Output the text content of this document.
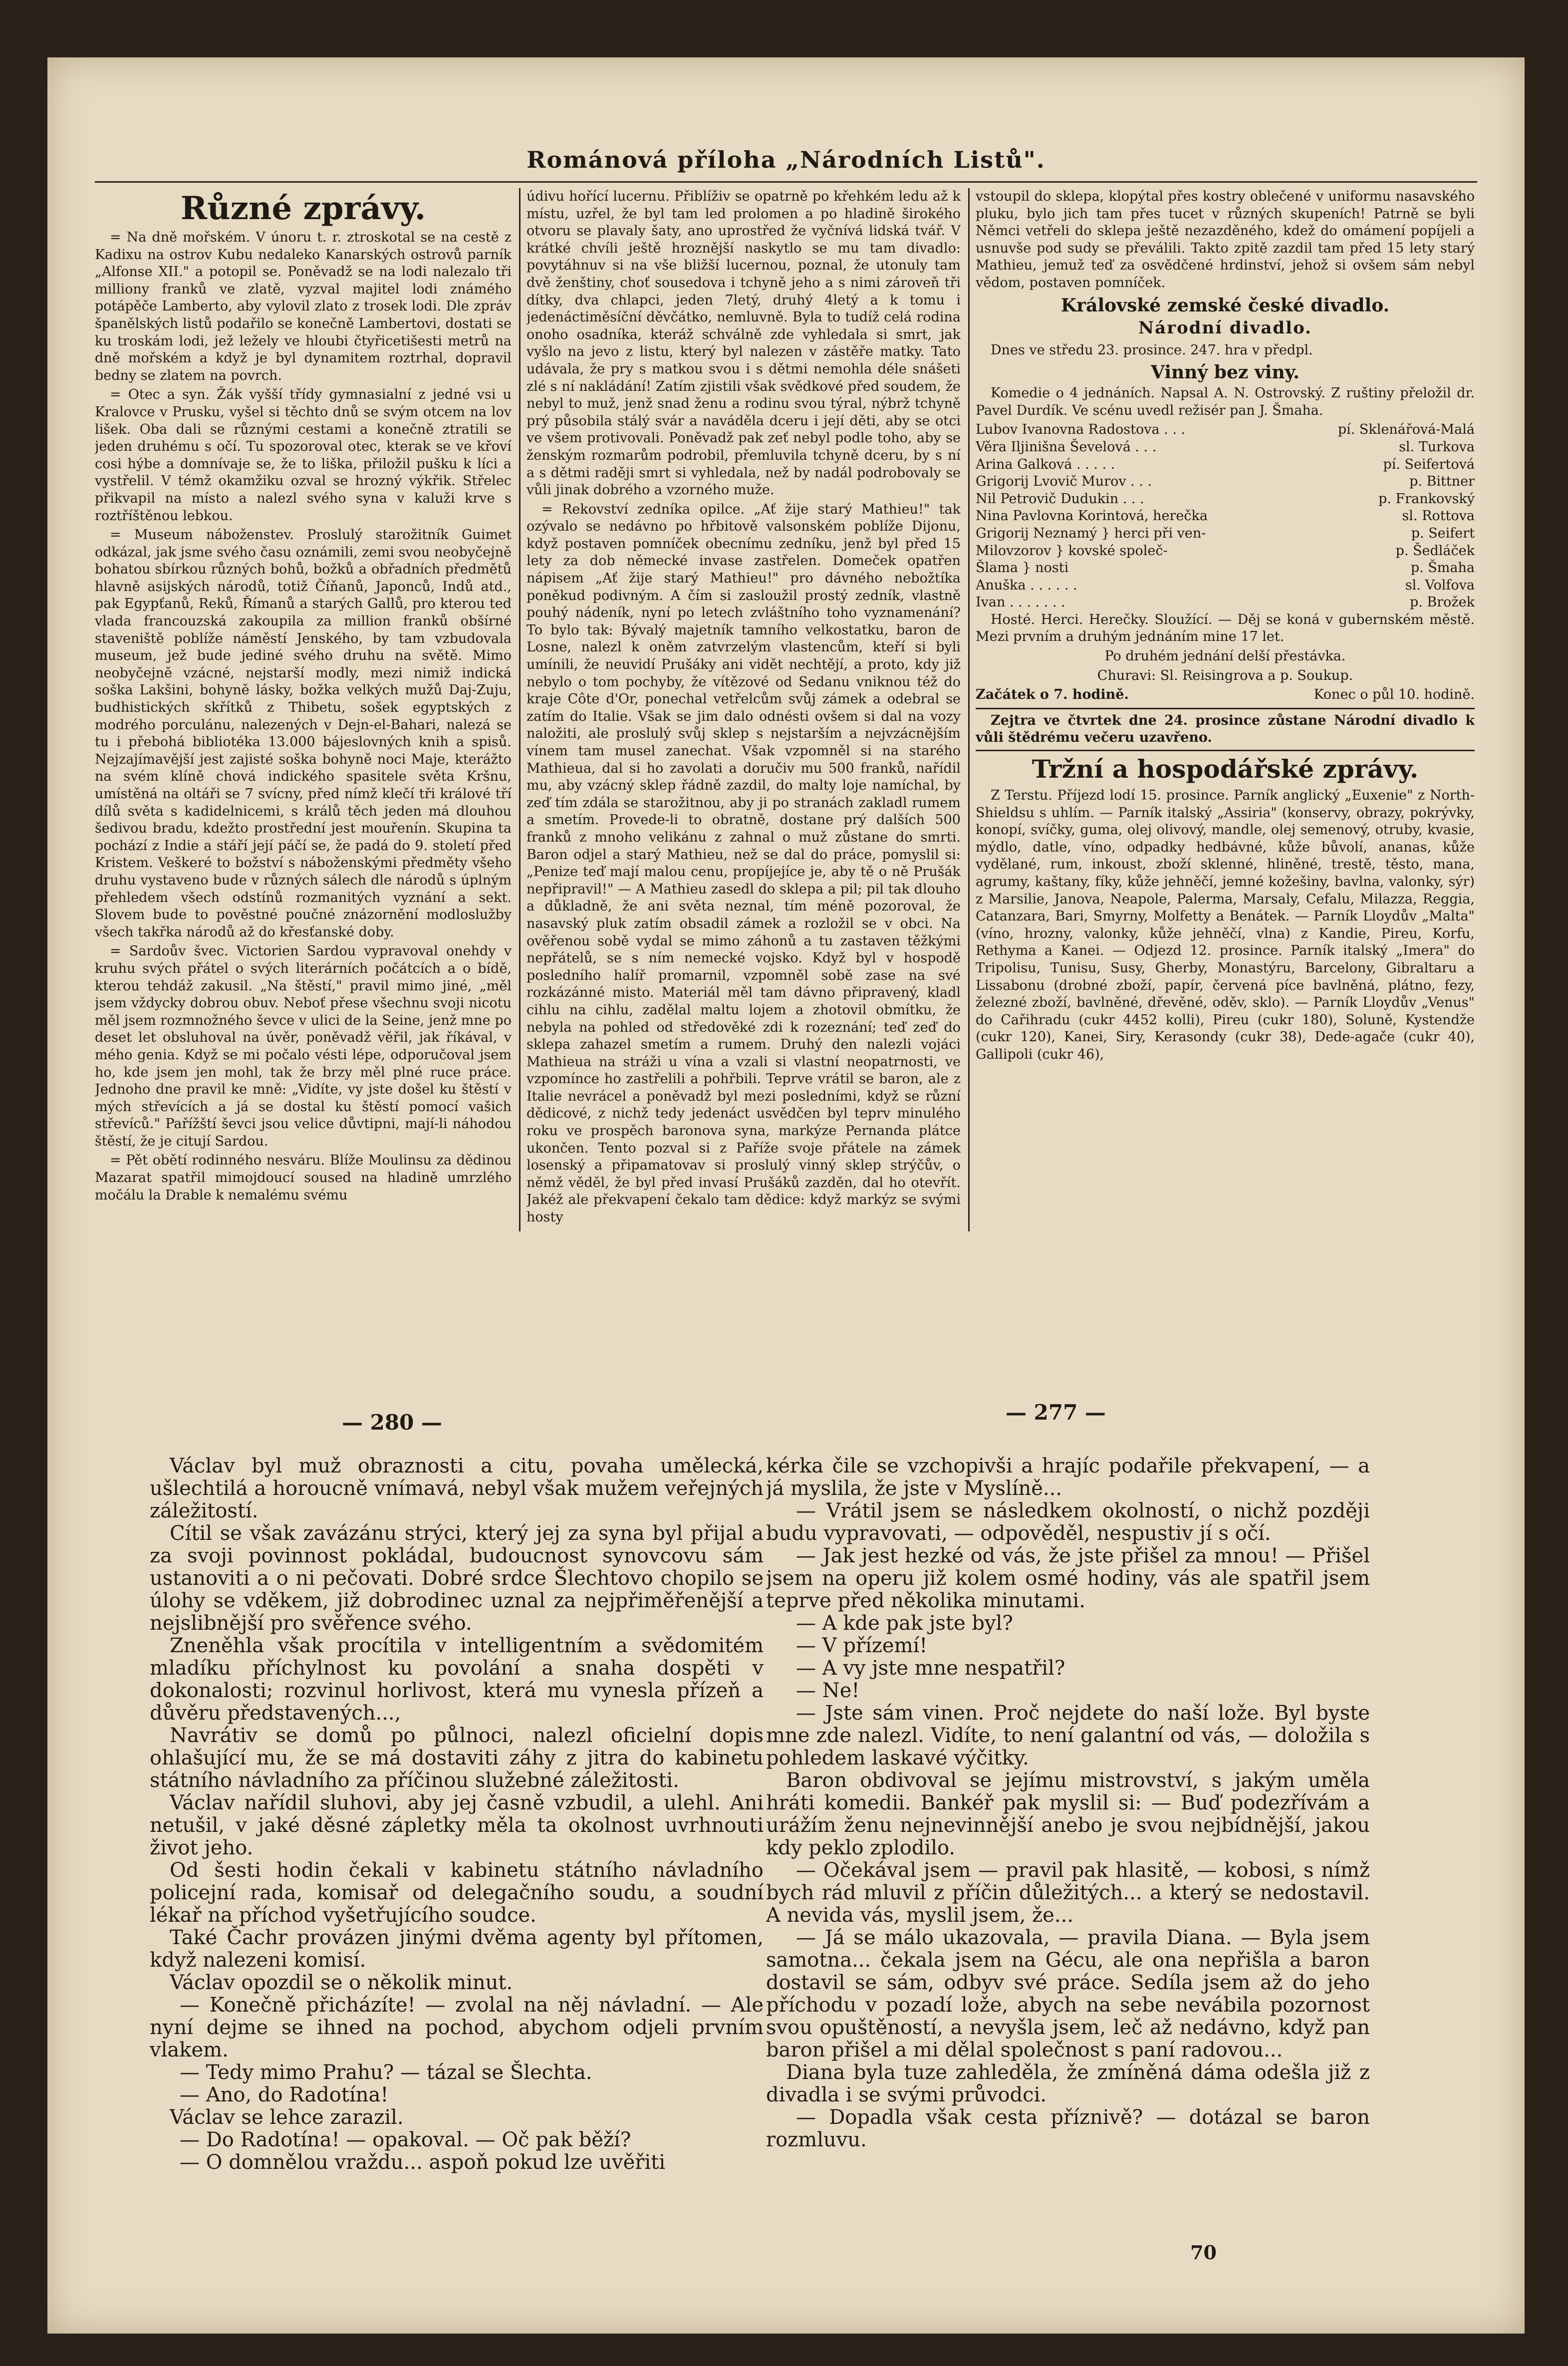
Románová příloha „Národních Listů".
Různé zprávy.

= Na dně mořském. V únoru t. r. ztroskotal se na cestě z Kadixu na ostrov Kubu nedaleko Kanarských ostrovů parník „Alfonse XII." a potopil se. Poněvadž se na lodi nalezalo tři milliony franků ve zlatě, vyzval majitel lodi známého potápěče Lamberto, aby vylovil zlato z trosek lodi. Dle zpráv španělských listů podařilo se konečně Lambertovi, dostati se ku troskám lodi, jež ležely ve hloubi čtyřicetišesti metrů na dně mořském a když je byl dynamitem roztrhal, dopravil bedny se zlatem na povrch.

= Otec a syn. Žák vyšší třídy gymnasialní z jedné vsi u Kralovce v Prusku, vyšel si těchto dnů se svým otcem na lov lišek. Oba dali se různými cestami a konečně ztratili se jeden druhému s očí. Tu spozoroval otec, kterak se ve křoví cosi hýbe a domnívaje se, že to liška, přiložil pušku k líci a vystřelil. V témž okamžiku ozval se hrozný výkřik. Střelec přikvapil na místo a nalezl svého syna v kaluži krve s roztříštěnou lebkou.

= Museum náboženstev. Proslulý starožitník Guimet odkázal, jak jsme svého času oznámili, zemi svou neobyčejně bohatou sbírkou různých bohů, božků a obřadních předmětů hlavně asijských národů, totiž Číňanů, Japonců, Indů atd., pak Egypťanů, Reků, Římanů a starých Gallů, pro kterou teď vlada francouzská zakoupila za million franků obšírné staveniště poblíže náměstí Jenského, by tam vzbudovala museum, jež bude jediné svého druhu na světě. Mimo neobyčejně vzácné, nejstarší modly, mezi nimiž indická soška Lakšini, bohyně lásky, božka velkých mužů Daj-Zuju, budhistických skřítků z Thibetu, sošek egyptských z modrého porculánu, nalezených v Dejn-el-Bahari, nalezá se tu i přebohá bibliotéka 13.000 bájeslovných knih a spisů. Nejzajímavější jest zajisté soška bohyně noci Maje, kterážto na svém klíně chová indického spasitele světa Kršnu, umístěná na oltáři se 7 svícny, před nímž klečí tři králové tří dílů světa s kadidelnicemi, s králů těch jeden má dlouhou šedivou bradu, kdežto prostřední jest mouřenín. Skupina ta pochází z Indie a stáří její páčí se, že padá do 9. století před Kristem. Veškeré to božství s náboženskými předměty všeho druhu vystaveno bude v různých sálech dle národů s úplným přehledem všech odstínů rozmanitých vyznání a sekt. Slovem bude to pověstné poučné znázornění modloslužby všech takřka národů až do křesťanské doby.

= Sardoův švec. Victorien Sardou vypravoval onehdy v kruhu svých přátel o svých literárních počátcích a o bídě, kterou tehdáž zakusil. „Na štěstí," pravil mimo jiné, „měl jsem vždycky dobrou obuv. Neboť přese všechnu svoji nicotu měl jsem rozmnožného ševce v ulici de la Seine, jenž mne po deset let obsluhoval na úvěr, poněvadž věřil, jak říkával, v mého genia. Když se mi počalo vésti lépe, odporučoval jsem ho, kde jsem jen mohl, tak že brzy měl plné ruce práce. Jednoho dne pravil ke mně: „Vidíte, vy jste došel ku štěstí v mých střevících a já se dostal ku štěstí pomocí vašich střevíců." Pařížští ševci jsou velice důvtipni, mají-li náhodou štěstí, že je citují Sardou.

= Pět obětí rodinného nesváru. Blíže Moulinsu za dědinou Mazarat spatřil mimojdoucí soused na hladině umrzlého močálu la Drable k nemalému svému

údivu hořící lucernu. Přiblíživ se opatrně po křehkém ledu až k místu, uzřel, že byl tam led prolomen a po hladině širokého otvoru se plavaly šaty, ano uprostřed že vyčnívá lidská tvář. V krátké chvíli ještě hroznější naskytlo se mu tam divadlo: povytáhnuv si na vše bližší lucernou, poznal, že utonuly tam dvě ženštiny, choť sousedova i tchyně jeho a s nimi zároveň tři dítky, dva chlapci, jeden 7letý, druhý 4letý a k tomu i jedenáctiměsíční děvčátko, nemluvně. Byla to tudíž celá rodina onoho osadníka, kteráž schválně zde vyhledala si smrt, jak vyšlo na jevo z listu, který byl nalezen v zástěře matky. Tato udávala, že pry s matkou svou i s dětmi nemohla déle snášeti zlé s ní nakládání! Zatím zjistili však svědkové před soudem, že nebyl to muž, jenž snad ženu a rodinu svou týral, nýbrž tchyně prý působila stálý svár a naváděla dceru i její děti, aby se otci ve všem protivovali. Poněvadž pak zeť nebyl podle toho, aby se ženským rozmarům podrobil, přemluvila tchyně dceru, by s ní a s dětmi raději smrt si vyhledala, než by nadál podrobovaly se vůli jinak dobrého a vzorného muže.

= Rekovství zedníka opilce. „Ať žije starý Mathieu!" tak ozývalo se nedávno po hřbitově valsonském poblíže Dijonu, když postaven pomníček obecnímu zedníku, jenž byl před 15 lety za dob německé invase zastřelen. Domeček opatřen nápisem „Ať žije starý Mathieu!" pro dávného nebožtíka poněkud podivným. A čím si zasloužil prostý zedník, vlastně pouhý nádeník, nyní po letech zvláštního toho vyznamenání? To bylo tak: Bývalý majetník tamního velkostatku, baron de Losne, nalezl k oněm zatvrzelým vlastencům, kteří si byli umínili, že neuvidí Prušáky ani vidět nechtějí, a proto, kdy již nebylo o tom pochyby, že vítězové od Sedanu vniknou též do kraje Côte d'Or, ponechal vetřelcům svůj zámek a odebral se zatím do Italie. Však se jim dalo odnésti ovšem si dal na vozy naložiti, ale proslulý svůj sklep s nejstarším a nejvzácnějším vínem tam musel zanechat. Však vzpomněl si na starého Mathieua, dal si ho zavolati a doručiv mu 500 franků, nařídil mu, aby vzácný sklep řádně zazdil, do malty loje namíchal, by zeď tím zdála se starožitnou, aby ji po stranách zakladl rumem a smetím. Provede-li to obratně, dostane prý dalších 500 franků z mnoho velikánu z zahnal o muž zůstane do smrti. Baron odjel a starý Mathieu, než se dal do práce, pomyslil si: „Penize teď mají malou cenu, propíjejíce je, aby tě o ně Prušák nepřipravil!" — A Mathieu zasedl do sklepa a pil; pil tak dlouho a důkladně, že ani světa neznal, tím méně pozoroval, že nasavský pluk zatím obsadil zámek a rozložil se v obci. Na ověřenou sobě vydal se mimo záhonů a tu zastaven těžkými nepřátelů, se s ním nemecké vojsko. Když byl v hospodě posledního halíř promarnil, vzpomněl sobě zase na své rozkázánné misto. Materiál měl tam dávno připravený, kladl cihlu na cihlu, zadělal maltu lojem a zhotovil obmítku, že nebyla na pohled od středověké zdi k rozeznání; teď zeď do sklepa zahazel smetím a rumem. Druhý den nalezli vojáci Mathieua na stráži u vína a vzali si vlastní neopatrnosti, ve vzpomínce ho zastřelili a pohřbili. Teprve vrátil se baron, ale z Italie nevrácel a poněvadž byl mezi posledními, když se různí dědicové, z nichž tedy jedenáct usvědčen byl teprv minulého roku ve prospěch baronova syna, markýze Pernanda plátce ukončen. Tento pozval si z Paříže svoje přátele na zámek losenský a připamatovav si proslulý vinný sklep strýčův, o němž věděl, že byl před invasí Prušáků zazděn, dal ho otevřít. Jakéž ale překvapení čekalo tam dědice: když markýz se svými hosty

vstoupil do sklepa, klopýtal přes kostry oblečené v uniformu nasavského pluku, bylo jich tam přes tucet v různých skupeních! Patrně se byli Němci vetřeli do sklepa ještě nezazděného, kdež do omámení popíjeli a usnuvše pod sudy se převálili. Takto zpitě zazdil tam před 15 lety starý Mathieu, jemuž teď za osvědčené hrdinství, jehož si ovšem sám nebyl vědom, postaven pomníček.

Královské zemské české divadlo.
Národní divadlo.

Dnes ve středu 23. prosince. 247. hra v předpl.

Vinný bez viny.

Komedie o 4 jednáních. Napsal A. N. Ostrovský. Z ruštiny přeložil dr. Pavel Durdík. Ve scénu uvedl režisér pan J. Šmaha.

Lubov Ivanovna Radostova . . .	pí. Sklenářová-Malá
Věra Iljinišna Ševelová . . .	sl. Turkova
Arina Galková . . . . .	pí. Seifertová
Grigorij Lvovič Murov . . .	p. Bittner
Nil Petrovič Dudukin . . .	p. Frankovský
Nina Pavlovna Korintová, herečka	sl. Rottova
Grigorij Neznamý } herci při ven-	p. Seifert
Milovzorov } kovské společ-	p. Šedláček
Šlama } nosti	p. Šmaha
Anuška . . . . . .	sl. Volfova
Ivan . . . . . . .	p. Brožek

Hosté. Herci. Herečky. Sloužící. — Děj se koná v gubernském městě. Mezi prvním a druhým jednáním mine 17 let.

Po druhém jednání delší přestávka.

Churavi: Sl. Reisingrova a p. Soukup.

Začátek o 7. hodině.	Konec o půl 10. hodině.

Zejtra ve čtvrtek dne 24. prosince zůstane Národní divadlo k vůli štědrému večeru uzavřeno.

Tržní a hospodářské zprávy.

Z Terstu. Příjezd lodí 15. prosince. Parník anglický „Euxenie" z North-Shieldsu s uhlím. — Parník italský „Assiria" (konservy, obrazy, pokrývky, konopí, svíčky, guma, olej olivový, mandle, olej semenový, otruby, kvasie, mýdlo, datle, víno, odpadky hedbávné, kůže bůvolí, ananas, kůže vydělané, rum, inkoust, zboží sklenné, hliněné, trestě, těsto, mana, agrumy, kaštany, fíky, kůže jehněčí, jemné kožešiny, bavlna, valonky, sýr) z Marsilie, Janova, Neapole, Palerma, Marsaly, Cefalu, Milazza, Reggia, Catanzara, Bari, Smyrny, Molfetty a Benátek. — Parník Lloydův „Malta" (víno, hrozny, valonky, kůže jehněčí, vlna) z Kandie, Pireu, Korfu, Rethyma a Kanei. — Odjezd 12. prosince. Parník italský „Imera" do Tripolisu, Tunisu, Susy, Gherby, Monastýru, Barcelony, Gibraltaru a Lissabonu (drobné zboží, papír, červená píce bavlněná, plátno, fezy, železné zboží, bavlněné, dřevěné, oděv, sklo). — Parník Lloydův „Venus" do Cařihradu (cukr 4452 kolli), Pireu (cukr 180), Soluně, Kystendže (cukr 120), Kanei, Siry, Kerasondy (cukr 38), Dede-agače (cukr 40), Gallipoli (cukr 46),

— 280 —	— 277 —

Václav byl muž obraznosti a citu, povaha umělecká, ušlechtilá a horoucně vnímavá, nebyl však mužem veřejných záležitostí.

Cítil se však zavázánu strýci, který jej za syna byl přijal a za svoji povinnost pokládal, budoucnost synovcovu sám ustanoviti a o ni pečovati. Dobré srdce Šlechtovo chopilo se úlohy se vděkem, již dobrodinec uznal za nejpřiměřenější a nejslibnější pro svěřence svého.

Zneněhla však procítila v intelligentním a svědomitém mladíku příchylnost ku povolání a snaha dospěti v dokonalosti; rozvinul horlivost, která mu vynesla přízeň a důvěru představených...,

Navrátiv se domů po půlnoci, nalezl oficielní dopis ohlašující mu, že se má dostaviti záhy z jitra do kabinetu státního návladního za příčinou služebné záležitosti.

Václav nařídil sluhovi, aby jej časně vzbudil, a ulehl. Ani netušil, v jaké děsné zápletky měla ta okolnost uvrhnouti život jeho.

Od šesti hodin čekali v kabinetu státního návladního policejní rada, komisař od delegačního soudu, a soudní lékař na příchod vyšetřujícího soudce.

Také Čachr provázen jinými dvěma agenty byl přítomen, když nalezeni komisí.

Václav opozdil se o několik minut.

— Konečně přicházíte! — zvolal na něj návladní. — Ale nyní dejme se ihned na pochod, abychom odjeli prvním vlakem.

— Tedy mimo Prahu? — tázal se Šlechta.

— Ano, do Radotína!

Václav se lehce zarazil.

— Do Radotína! — opakoval. — Oč pak běží?

— O domnělou vraždu... aspoň pokud lze uvěřiti

kérka čile se vzchopivši a hrajíc podařile překvapení, — a já myslila, že jste v Myslíně...

— Vrátil jsem se následkem okolností, o nichž později budu vypravovati, — odpověděl, nespustiv jí s očí.

— Jak jest hezké od vás, že jste přišel za mnou! — Přišel jsem na operu již kolem osmé hodiny, vás ale spatřil jsem teprve před několika minutami.

— A kde pak jste byl?

— V přízemí!

— A vy jste mne nespatřil?

— Ne!

— Jste sám vinen. Proč nejdete do naší lože. Byl byste mne zde nalezl. Vidíte, to není galantní od vás, — doložila s pohledem laskavé výčitky.

Baron obdivoval se jejímu mistrovství, s jakým uměla hráti komedii. Bankéř pak myslil si: — Buď podezřívám a urážím ženu nejnevinnější anebo je svou nejbídnější, jakou kdy peklo zplodilo.

— Očekával jsem — pravil pak hlasitě, — kobosi, s nímž bych rád mluvil z příčin důležitých... a který se nedostavil. A nevida vás, myslil jsem, že...

— Já se málo ukazovala, — pravila Diana. — Byla jsem samotna... čekala jsem na Gécu, ale ona nepřišla a baron dostavil se sám, odbyv své práce. Sedíla jsem až do jeho příchodu v pozadí lože, abych na sebe nevábila pozornost svou opuštěností, a nevyšla jsem, leč až nedávno, když pan baron přišel a mi dělal společnost s paní radovou...

Diana byla tuze zahleděla, že zmíněná dáma odešla již z divadla i se svými průvodci.

— Dopadla však cesta příznivě? — dotázal se baron rozmluvu.

70
